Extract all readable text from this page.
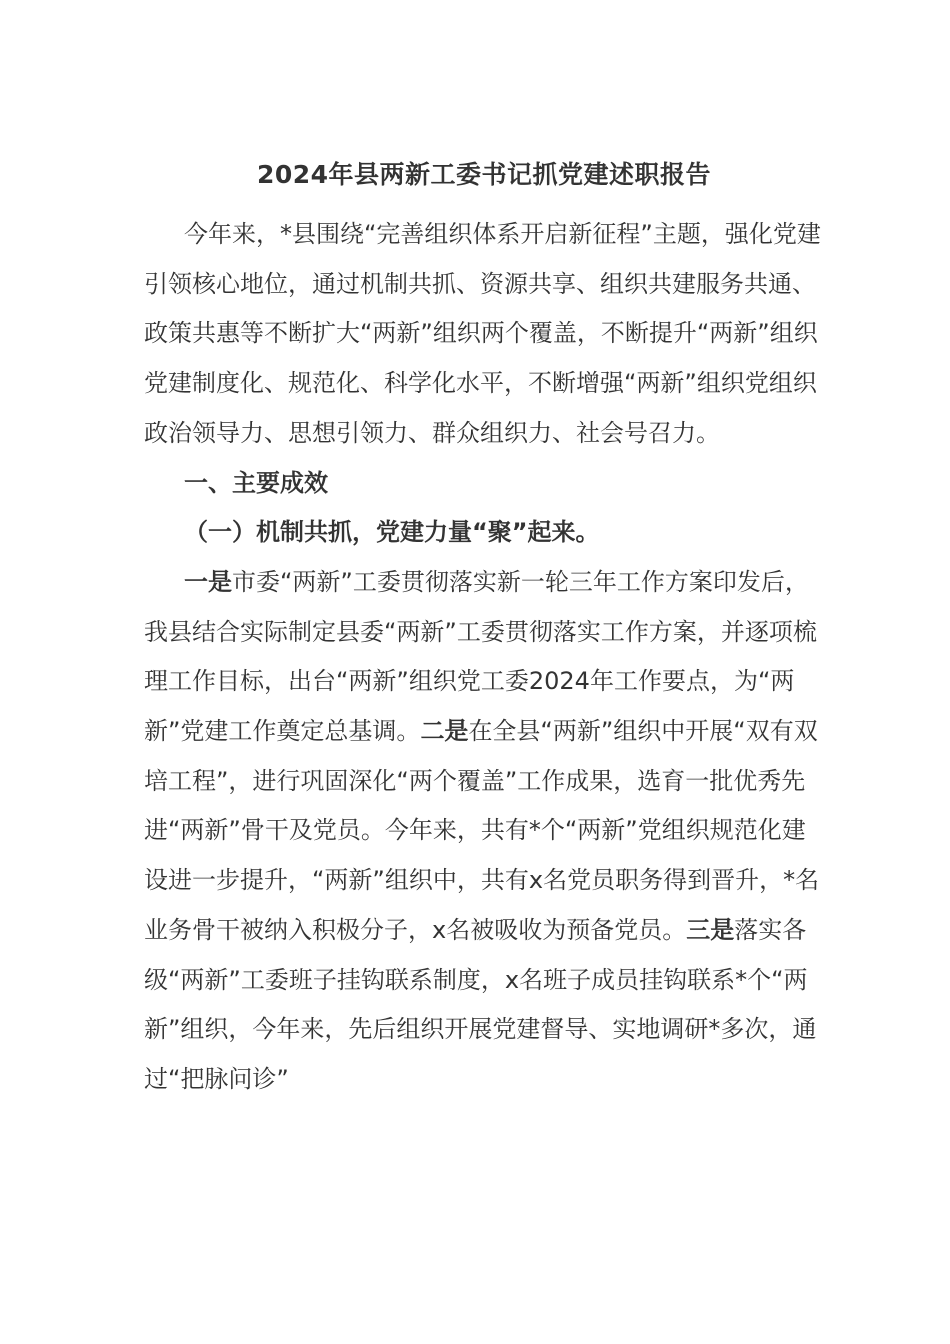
2024年县两新工委书记抓党建述职报告

今年来，*县围绕“完善组织体系开启新征程”主题，强化党建引领核心地位，通过机制共抓、资源共享、组织共建服务共通、政策共惠等不断扩大“两新”组织两个覆盖，不断提升“两新”组织党建制度化、规范化、科学化水平，不断增强“两新”组织党组织政治领导力、思想引领力、群众组织力、社会号召力。

一、主要成效

（一）机制共抓，党建力量“聚”起来。

一是市委“两新”工委贯彻落实新一轮三年工作方案印发后，我县结合实际制定县委“两新”工委贯彻落实工作方案，并逐项梳理工作目标，出台“两新”组织党工委2024年工作要点，为“两新”党建工作奠定总基调。二是在全县“两新”组织中开展“双有双培工程”，进行巩固深化“两个覆盖”工作成果，选育一批优秀先进“两新”骨干及党员。今年来，共有*个“两新”党组织规范化建设进一步提升，“两新”组织中，共有x名党员职务得到晋升，*名业务骨干被纳入积极分子，x名被吸收为预备党员。三是落实各级“两新”工委班子挂钩联系制度，x名班子成员挂钩联系*个“两新”组织，今年来，先后组织开展党建督导、实地调研*多次，通过“把脉问诊”
